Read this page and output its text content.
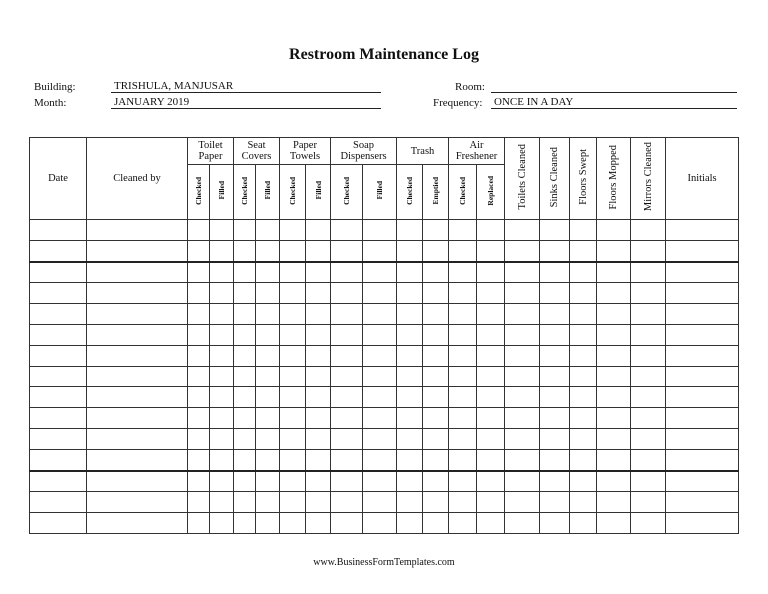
Restroom Maintenance Log
Building:	TRISHULA, MANJUSAR
Month:	JANUARY 2019
Room:
Frequency: ONCE IN A DAY
Date	Cleaned by	Toilet Paper		Seat Covers		Paper Towels		Soap Dispensers		Trash		Air Freshener		Toilets Cleaned	Sinks Cleaned	Floors Swept	Floors Mopped	Mirrors Cleaned	Initials
		Checked	Filled	Checked	Filled	Checked	Filled	Checked	Filled	Checked	Emptied	Checked	Replaced						

www.BusinessFormTemplates.com
